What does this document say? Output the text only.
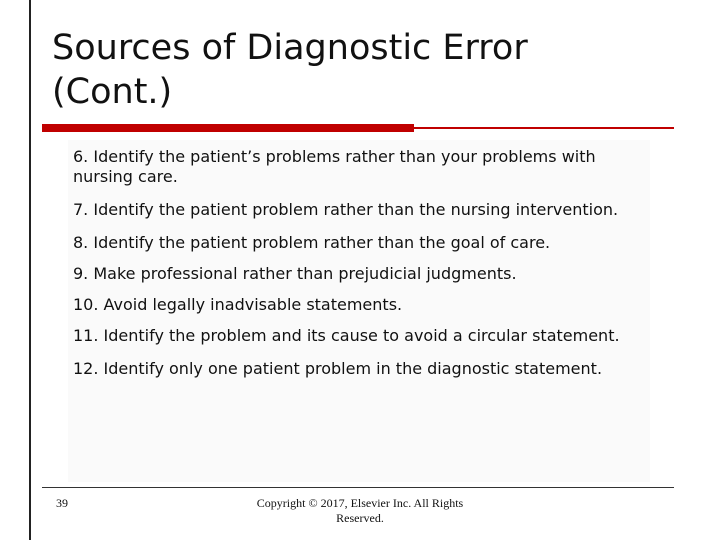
Sources of Diagnostic Error
(Cont.)
6. Identify the patient’s problems rather than your problems with nursing care.
7. Identify the patient problem rather than the nursing intervention.
8. Identify the patient problem rather than the goal of care.
9. Make professional rather than prejudicial judgments.
10. Avoid legally inadvisable statements.
11. Identify the problem and its cause to avoid a circular statement.
12. Identify only one patient problem in the diagnostic statement.
39	Copyright © 2017, Elsevier Inc. All Rights
Reserved.
